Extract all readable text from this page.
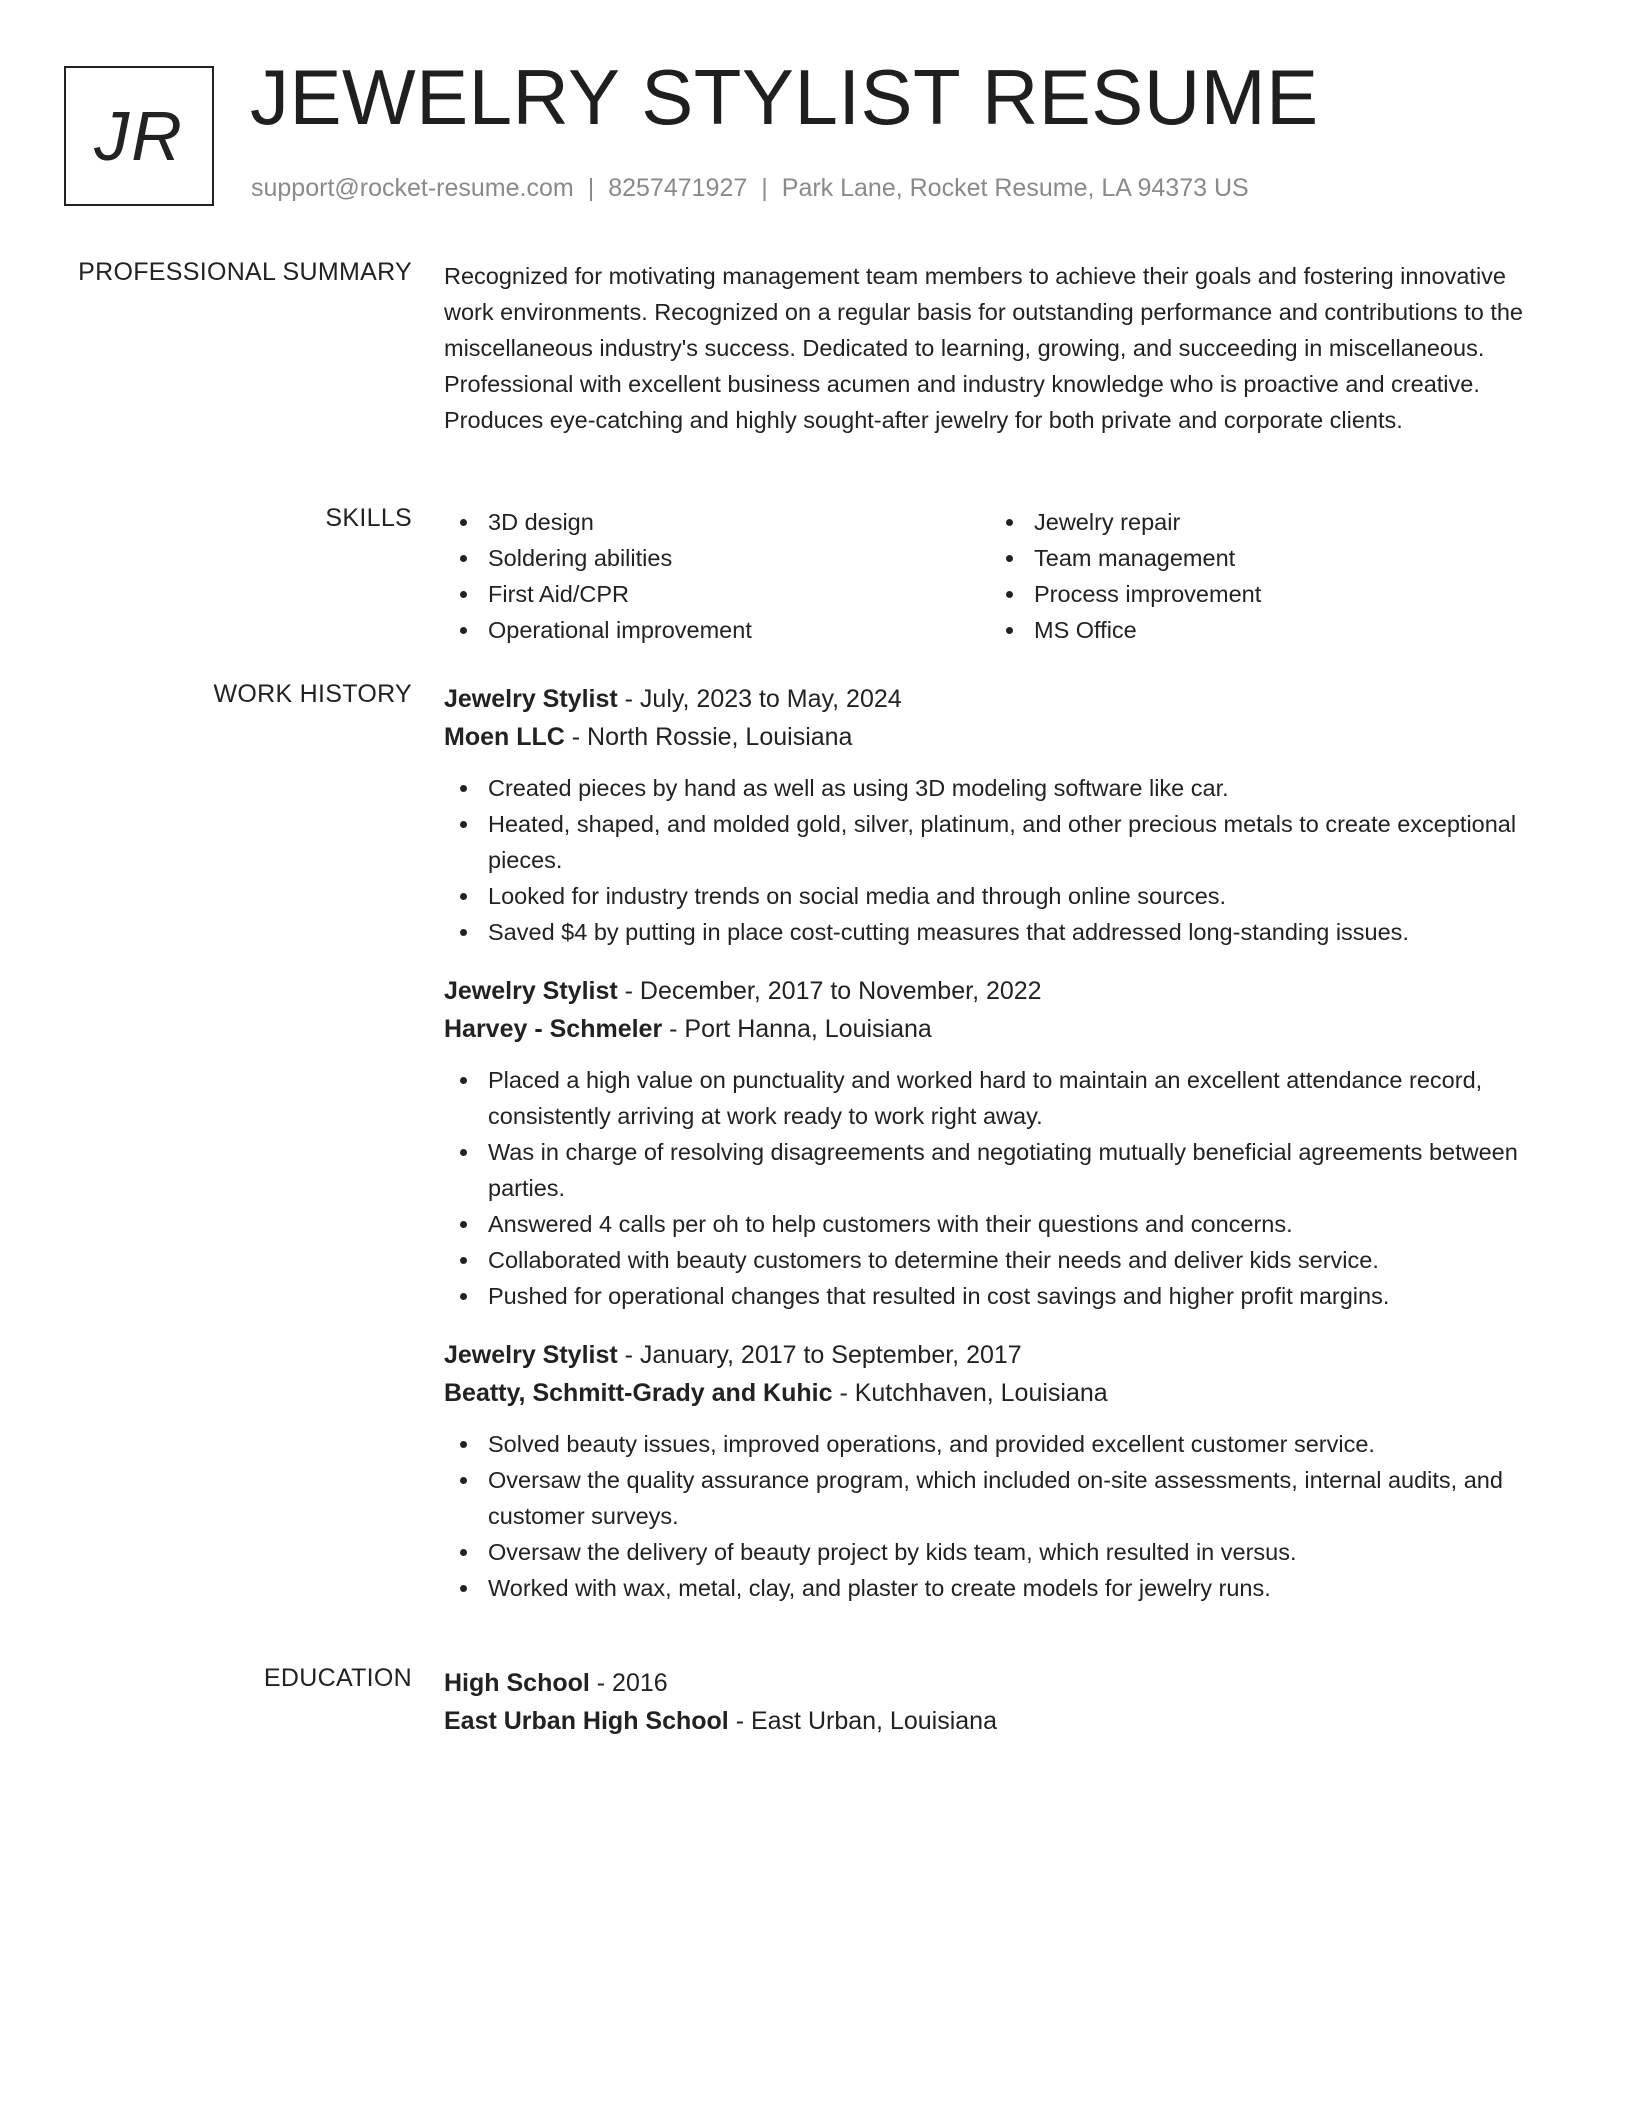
JR JEWELRY STYLIST RESUME
support@rocket-resume.com | 8257471927 | Park Lane, Rocket Resume, LA 94373 US
PROFESSIONAL SUMMARY Recognized for motivating management team members to achieve their goals and fostering innovative work environments. Recognized on a regular basis for outstanding performance and contributions to the miscellaneous industry's success. Dedicated to learning, growing, and succeeding in miscellaneous. Professional with excellent business acumen and industry knowledge who is proactive and creative. Produces eye-catching and highly sought-after jewelry for both private and corporate clients.

SKILLS	3D design
Soldering abilities
First Aid/CPR
Operational improvement
Jewelry repair
Team management
Process improvement
MS Office
WORK HISTORY Jewelry Stylist - July, 2023 to May, 2024
Moen LLC - North Rossie, Louisiana
Created pieces by hand as well as using 3D modeling software like car.
Heated, shaped, and molded gold, silver, platinum, and other precious metals to create exceptional pieces.
Looked for industry trends on social media and through online sources.
Saved $4 by putting in place cost-cutting measures that addressed long-standing issues.
Jewelry Stylist - December, 2017 to November, 2022
Harvey - Schmeler - Port Hanna, Louisiana
Placed a high value on punctuality and worked hard to maintain an excellent attendance record, consistently arriving at work ready to work right away.
Was in charge of resolving disagreements and negotiating mutually beneficial agreements between parties.
Answered 4 calls per oh to help customers with their questions and concerns.
Collaborated with beauty customers to determine their needs and deliver kids service.
Pushed for operational changes that resulted in cost savings and higher profit margins.
Jewelry Stylist - January, 2017 to September, 2017
Beatty, Schmitt-Grady and Kuhic - Kutchhaven, Louisiana
Solved beauty issues, improved operations, and provided excellent customer service.
Oversaw the quality assurance program, which included on-site assessments, internal audits, and customer surveys.
Oversaw the delivery of beauty project by kids team, which resulted in versus.
Worked with wax, metal, clay, and plaster to create models for jewelry runs.
EDUCATION High School - 2016
East Urban High School - East Urban, Louisiana
